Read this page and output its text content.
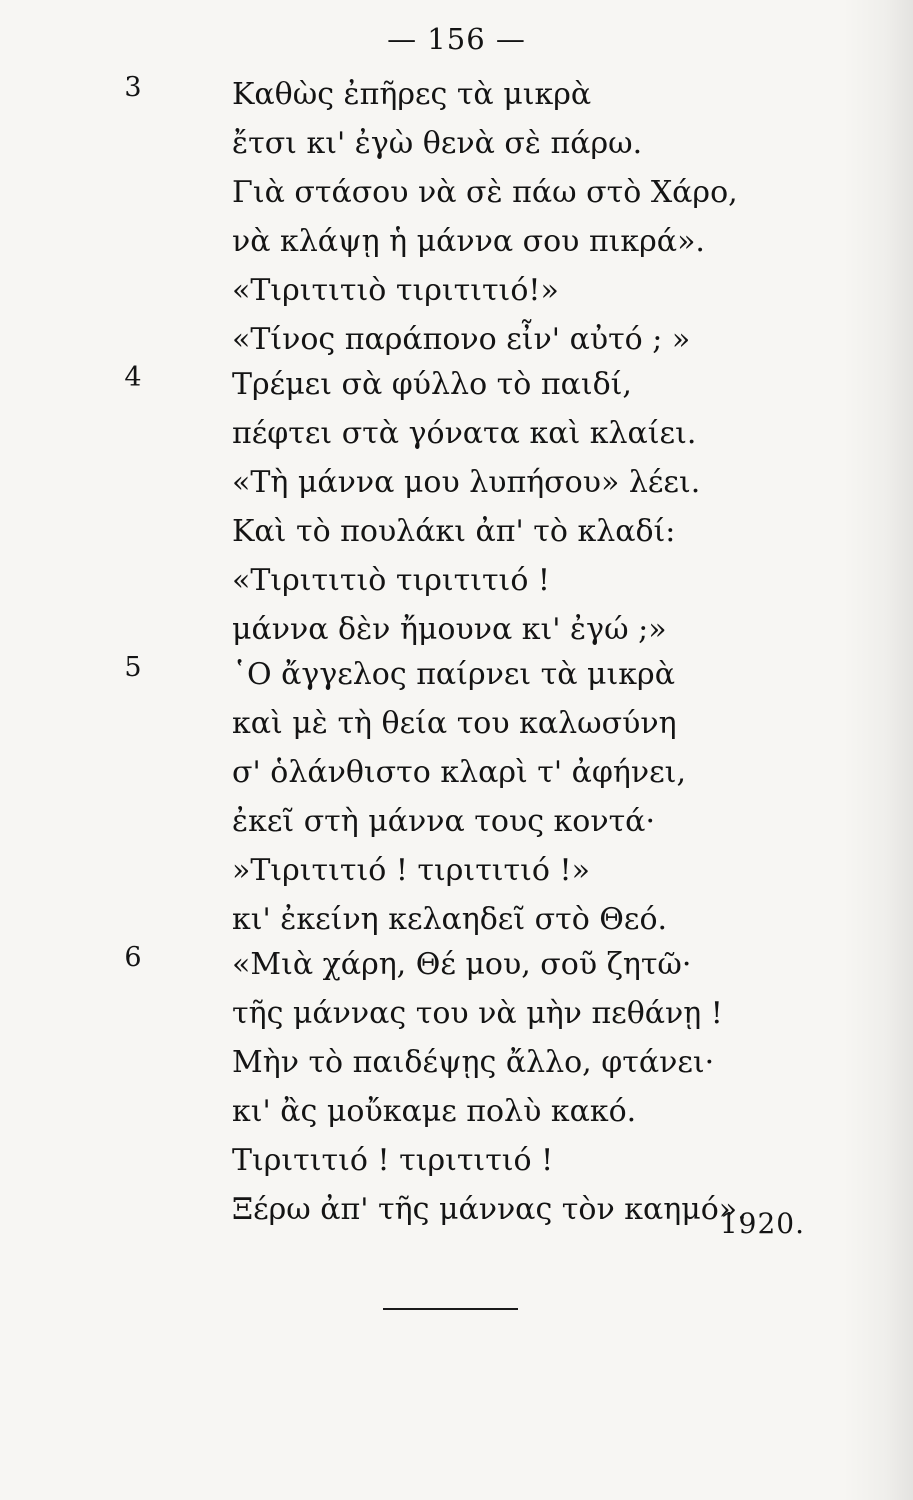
— 156 —
3	Καθὼς ἐπῆρες τὰ μικρὰ
ἔτσι κι' ἐγὼ θενὰ σὲ πάρω.
Γιὰ στάσου νὰ σὲ πάω στὸ Χάρο,
νὰ κλάψῃ ἡ μάννα σου πικρά».
«Τιριτιτιὸ τιριτιτιό!»
«Τίνος παράπονο εἶν' αὐτό ; »
4	Τρέμει σὰ φύλλο τὸ παιδί,
πέφτει στὰ γόνατα καὶ κλαίει.
«Τὴ μάννα μου λυπήσου» λέει.
Καὶ τὸ πουλάκι ἀπ' τὸ κλαδί:
«Τιριτιτιὸ τιριτιτιό !
μάννα δὲν ἤμουνα κι' ἐγώ ;»
5	῾Ο ἄγγελος παίρνει τὰ μικρὰ
καὶ μὲ τὴ θεία του καλωσύνη
σ' ὁλάνθιστο κλαρὶ τ' ἀφήνει,
ἐκεῖ στὴ μάννα τους κοντά·
»Τιριτιτιό ! τιριτιτιό !»
κι' ἐκείνη κελαηδεῖ στὸ Θεό.
6	«Μιὰ χάρη, Θέ μου, σοῦ ζητῶ·
τῆς μάννας του νὰ μὴν πεθάνῃ !
Μὴν τὸ παιδέψῃς ἄλλο, φτάνει·
κι' ἂς μοὔκαμε πολὺ κακό.
Τιριτιτιό ! τιριτιτιό !
Ξέρω ἀπ' τῆς μάννας τὸν καημό».
1920.
